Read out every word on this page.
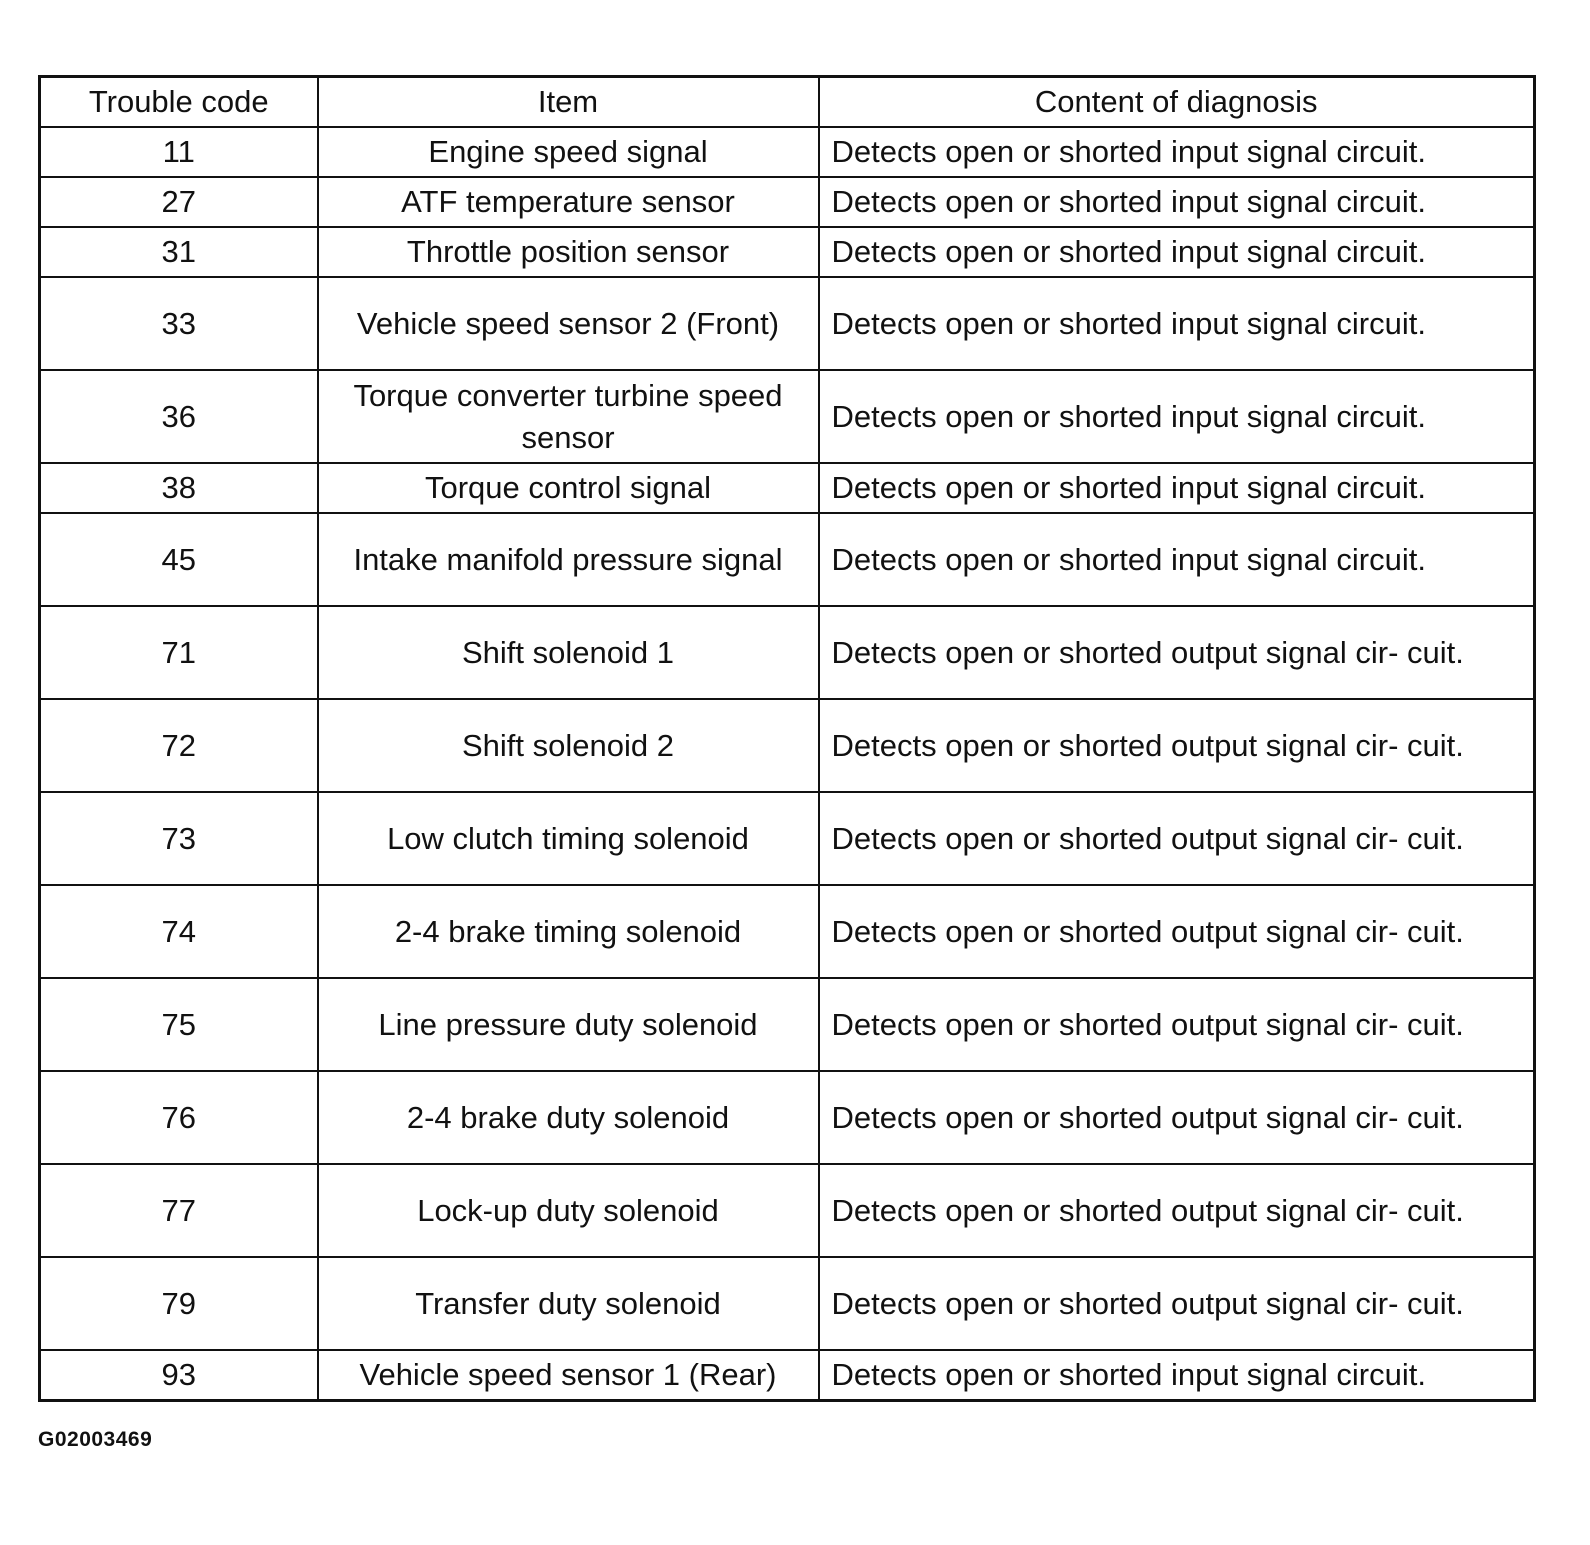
Trouble code	Item	Content of diagnosis
11	Engine speed signal	Detects open or shorted input signal circuit.
27	ATF temperature sensor	Detects open or shorted input signal circuit.
31	Throttle position sensor	Detects open or shorted input signal circuit.
33	Vehicle speed sensor 2 (Front)	Detects open or shorted input signal circuit.
36	Torque converter turbine speed sensor	Detects open or shorted input signal circuit.
38	Torque control signal	Detects open or shorted input signal circuit.
45	Intake manifold pressure signal	Detects open or shorted input signal circuit.
71	Shift solenoid 1	Detects open or shorted output signal cir- cuit.
72	Shift solenoid 2	Detects open or shorted output signal cir- cuit.
73	Low clutch timing solenoid	Detects open or shorted output signal cir- cuit.
74	2-4 brake timing solenoid	Detects open or shorted output signal cir- cuit.
75	Line pressure duty solenoid	Detects open or shorted output signal cir- cuit.
76	2-4 brake duty solenoid	Detects open or shorted output signal cir- cuit.
77	Lock-up duty solenoid	Detects open or shorted output signal cir- cuit.
79	Transfer duty solenoid	Detects open or shorted output signal cir- cuit.
93	Vehicle speed sensor 1 (Rear)	Detects open or shorted input signal circuit.
G02003469
